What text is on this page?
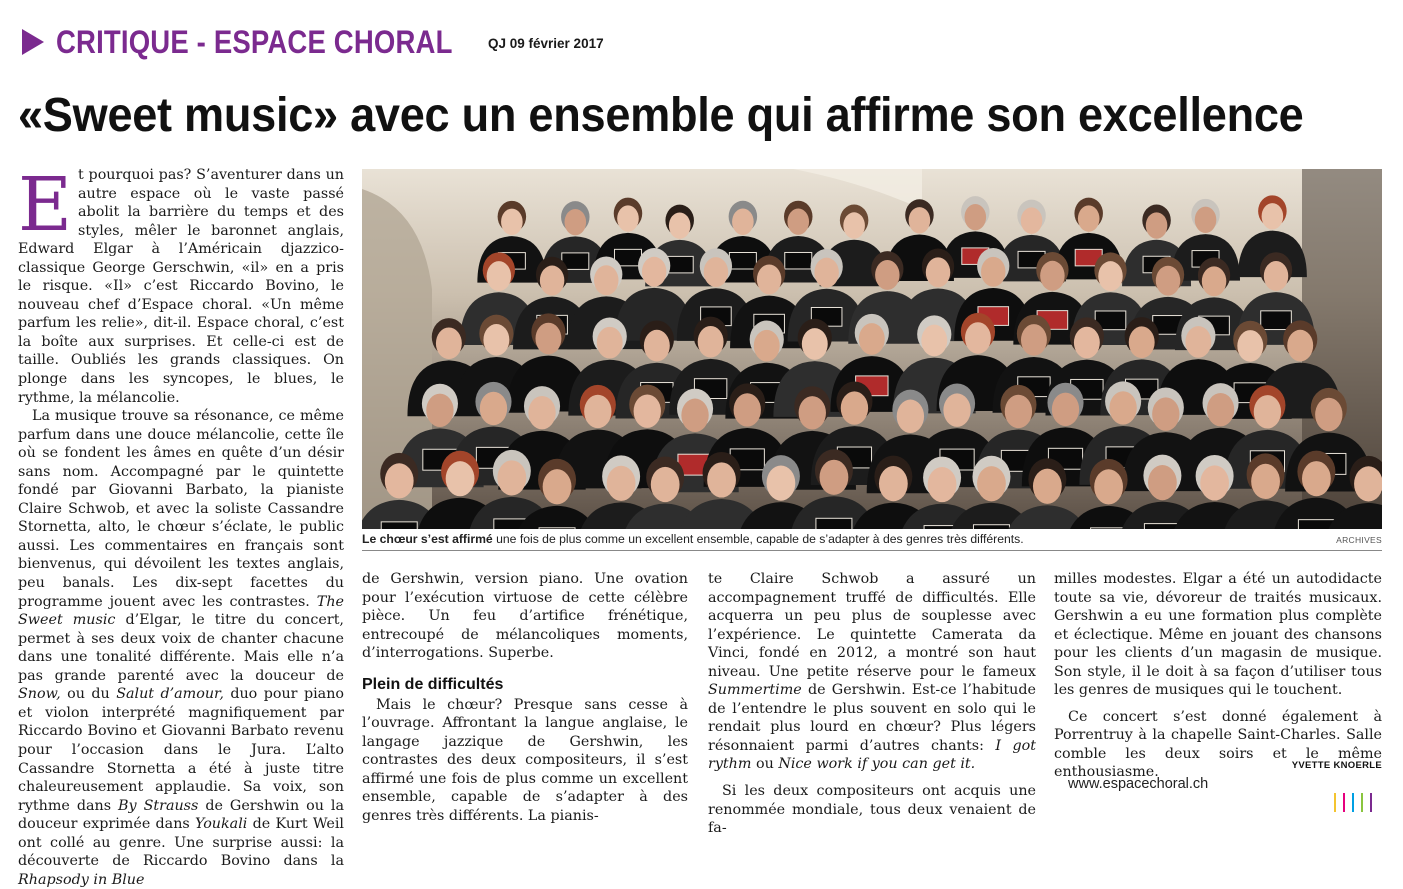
CRITIQUE - ESPACE CHORAL	QJ 09 février 2017
«Sweet music» avec un ensemble qui affirme son excellence

Et pourquoi pas? S’aventurer dans un autre espace où le vaste passé abolit la barrière du temps et des styles, mêler le baronnet anglais, Edward Elgar à l’Américain djazzico-classique George Gerschwin, «il» en a pris le risque. «Il» c’est Riccardo Bovino, le nouveau chef d’Espace choral. «Un même parfum les relie», dit-il. Espace choral, c’est la boîte aux surprises. Et celle-ci est de taille. Oubliés les grands classiques. On plonge dans les syncopes, le blues, le rythme, la mélancolie.

La musique trouve sa résonance, ce même parfum dans une douce mélancolie, cette île où se fondent les âmes en quête d’un désir sans nom. Accompagné par le quintette fondé par Giovanni Barbato, la pianiste Claire Schwob, et avec la soliste Cassandre Stornetta, alto, le chœur s’éclate, le public aussi. Les commentaires en français sont bienvenus, qui dévoilent les textes anglais, peu banals. Les dix-sept facettes du programme jouent avec les contrastes. The Sweet music d’Elgar, le titre du concert, permet à ses deux voix de chanter chacune dans une tonalité différente. Mais elle n’a pas grande parenté avec la douceur de Snow, ou du Salut d’amour, duo pour piano et violon interprété magnifiquement par Riccardo Bovino et Giovanni Barbato revenu pour l’occasion dans le Jura. L’alto Cassandre Stornetta a été à juste titre chaleureusement applaudie. Sa voix, son rythme dans By Strauss de Gershwin ou la douceur exprimée dans Youkali de Kurt Weil ont collé au genre. Une surprise aussi: la découverte de Riccardo Bovino dans la Rhapsody in Blue

Le chœur s’est affirmé une fois de plus comme un excellent ensemble, capable de s’adapter à des genres très différents.	ARCHIVES

de Gershwin, version piano. Une ovation pour l’exécution virtuose de cette célèbre pièce. Un feu d’artifice frénétique, entrecoupé de mélancoliques moments, d’interrogations. Superbe.

Plein de difficultés

Mais le chœur? Presque sans cesse à l’ouvrage. Affrontant la langue anglaise, le langage jazzique de Gershwin, les contrastes des deux compositeurs, il s’est affirmé une fois de plus comme un excellent ensemble, capable de s’adapter à des genres très différents. La pianis-

te Claire Schwob a assuré un accompagnement truffé de difficultés. Elle acquerra un peu plus de souplesse avec l’expérience. Le quintette Camerata da Vinci, fondé en 2012, a montré son haut niveau. Une petite réserve pour le fameux Summertime de Gershwin. Est-ce l’habitude de l’entendre le plus souvent en solo qui le rendait plus lourd en chœur? Plus légers résonnaient parmi d’autres chants: I got rythm ou Nice work if you can get it.

Si les deux compositeurs ont acquis une renommée mondiale, tous deux venaient de fa-

milles modestes. Elgar a été un autodidacte toute sa vie, dévoreur de traités musicaux. Gershwin a eu une formation plus complète et éclectique. Même en jouant des chansons pour les clients d’un magasin de musique. Son style, il le doit à sa façon d’utiliser tous les genres de musiques qui le touchent.

Ce concert s’est donné également à Porrentruy à la chapelle Saint-Charles. Salle comble les deux soirs et le même enthousiasme.	YVETTE KNOERLE
www.espacechoral.ch
